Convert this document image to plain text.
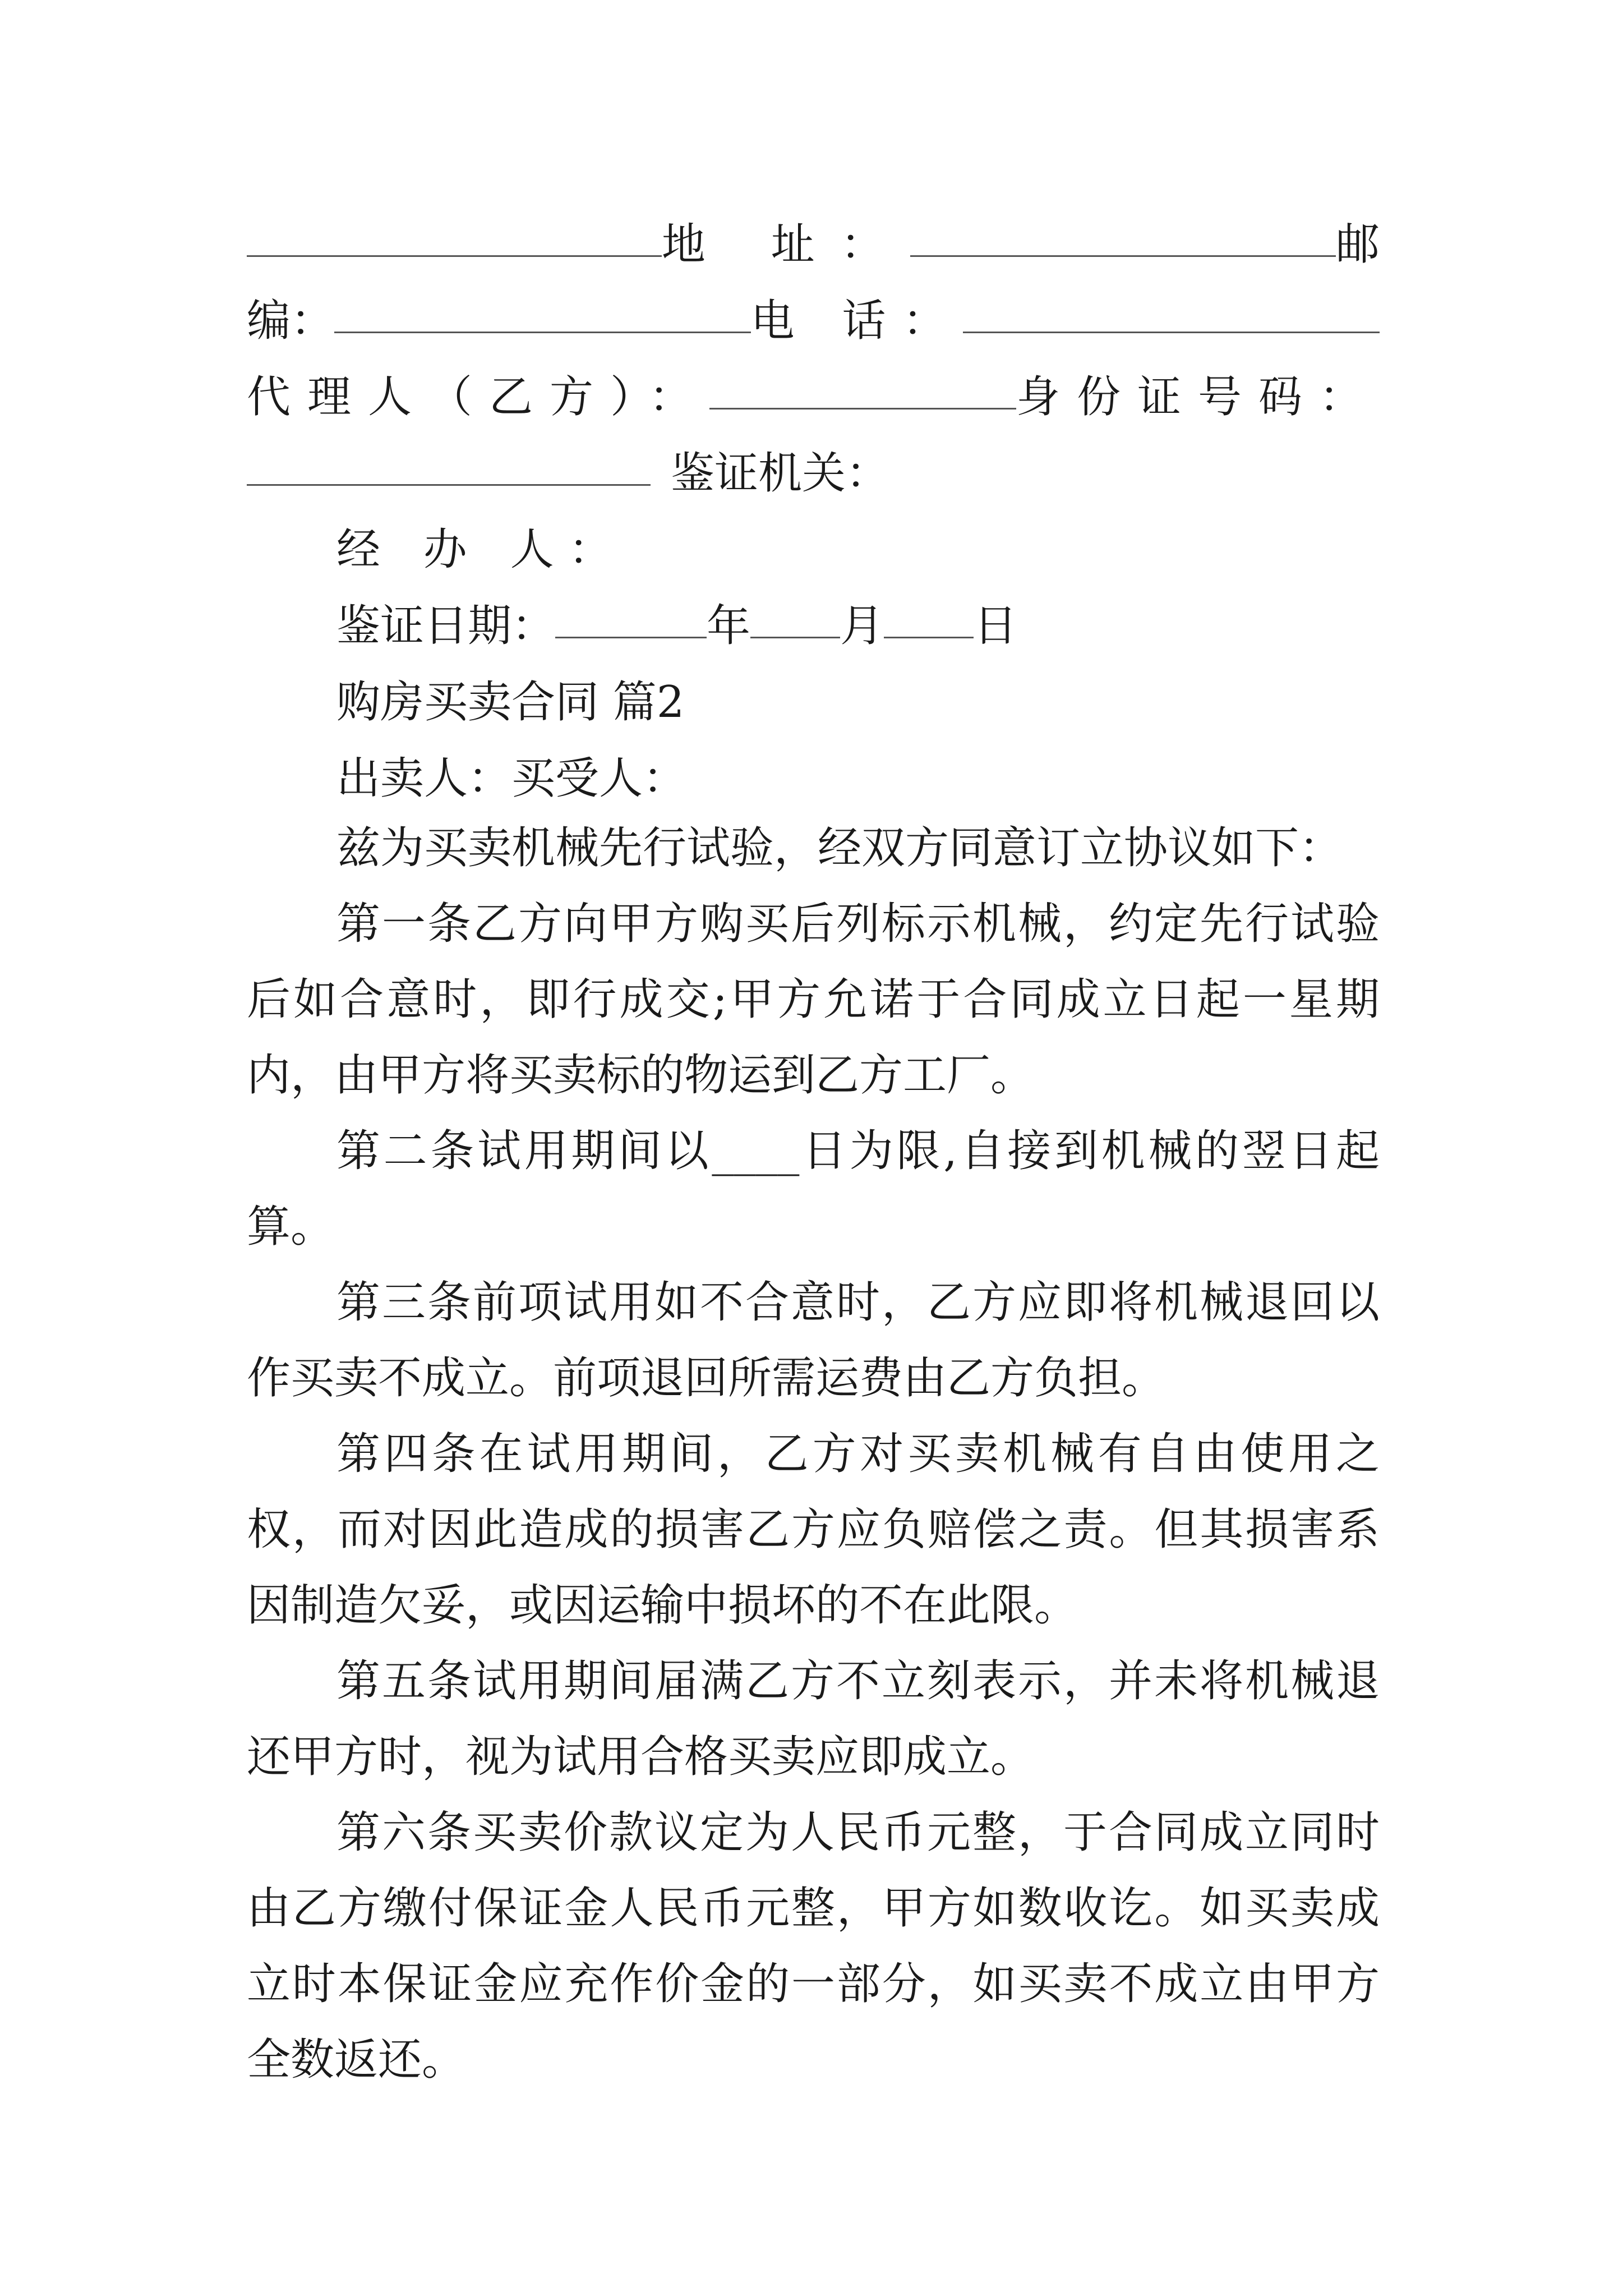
地 址：	邮
编：	电 话：
代理人（乙方）：	身份证号码：
鉴证机关：
经 办 人：
鉴证日期：	年 月 日
购房买卖合同 篇2
出卖人：买受人：

兹为买卖机械先行试验，经双方同意订立协议如下：

第一条乙方向甲方购买后列标示机械，约定先行试验后如合意时，即行成交;甲方允诺于合同成立日起一星期内，由甲方将买卖标的物运到乙方工厂。

第二条试用期间以____日为限,自接到机械的翌日起算。

第三条前项试用如不合意时，乙方应即将机械退回以作买卖不成立。前项退回所需运费由乙方负担。

第四条在试用期间，乙方对买卖机械有自由使用之权，而对因此造成的损害乙方应负赔偿之责。但其损害系因制造欠妥，或因运输中损坏的不在此限。

第五条试用期间届满乙方不立刻表示，并未将机械退还甲方时，视为试用合格买卖应即成立。

第六条买卖价款议定为人民币元整，于合同成立同时由乙方缴付保证金人民币元整，甲方如数收讫。如买卖成立时本保证金应充作价金的一部分，如买卖不成立由甲方全数返还。
